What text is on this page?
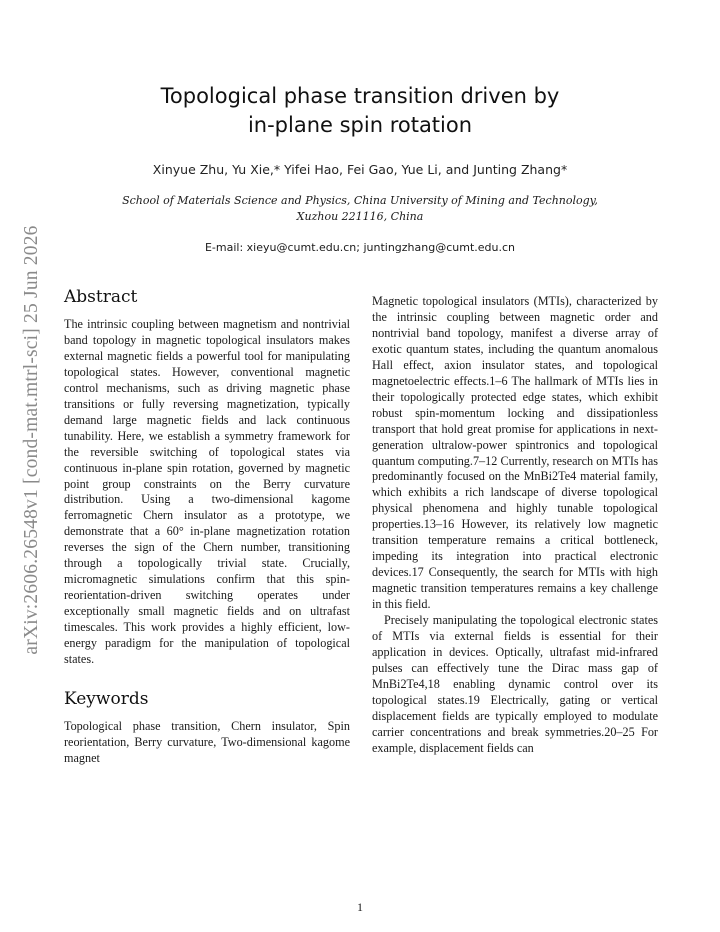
arXiv:2606.26548v1 [cond-mat.mtrl-sci] 25 Jun 2026
Topological phase transition driven by
in-plane spin rotation
Xinyue Zhu, Yu Xie,* Yifei Hao, Fei Gao, Yue Li, and Junting Zhang*
School of Materials Science and Physics, China University of Mining and Technology,
Xuzhou 221116, China
E-mail: xieyu@cumt.edu.cn; juntingzhang@cumt.edu.cn
Abstract

The intrinsic coupling between magnetism and nontrivial band topology in magnetic topological insulators makes external magnetic fields a powerful tool for manipulating topological states. However, conventional magnetic control mechanisms, such as driving magnetic phase transitions or fully reversing magnetization, typically demand large magnetic fields and lack continuous tunability. Here, we establish a symmetry framework for the reversible switching of topological states via continuous in-plane spin rotation, governed by magnetic point group constraints on the Berry curvature distribution. Using a two-dimensional kagome ferromagnetic Chern insulator as a prototype, we demonstrate that a 60° in-plane magnetization rotation reverses the sign of the Chern number, transitioning through a topologically trivial state. Crucially, micromagnetic simulations confirm that this spin-reorientation-driven switching operates under exceptionally small magnetic fields and on ultrafast timescales. This work provides a highly efficient, low-energy paradigm for the manipulation of topological states.

Keywords

Topological phase transition, Chern insulator, Spin reorientation, Berry curvature, Two-dimensional kagome magnet

Magnetic topological insulators (MTIs), characterized by the intrinsic coupling between magnetic order and nontrivial band topology, manifest a diverse array of exotic quantum states, including the quantum anomalous Hall effect, axion insulator states, and topological magnetoelectric effects.1–6 The hallmark of MTIs lies in their topologically protected edge states, which exhibit robust spin-momentum locking and dissipationless transport that hold great promise for applications in next-generation ultralow-power spintronics and topological quantum computing.7–12 Currently, research on MTIs has predominantly focused on the MnBi2Te4 material family, which exhibits a rich landscape of diverse topological physical phenomena and highly tunable topological properties.13–16 However, its relatively low magnetic transition temperature remains a critical bottleneck, impeding its integration into practical electronic devices.17 Consequently, the search for MTIs with high magnetic transition temperatures remains a key challenge in this field.

Precisely manipulating the topological electronic states of MTIs via external fields is essential for their application in devices. Optically, ultrafast mid-infrared pulses can effectively tune the Dirac mass gap of MnBi2Te4,18 enabling dynamic control over its topological states.19 Electrically, gating or vertical displacement fields are typically employed to modulate carrier concentrations and break symmetries.20–25 For example, displacement fields can

1
